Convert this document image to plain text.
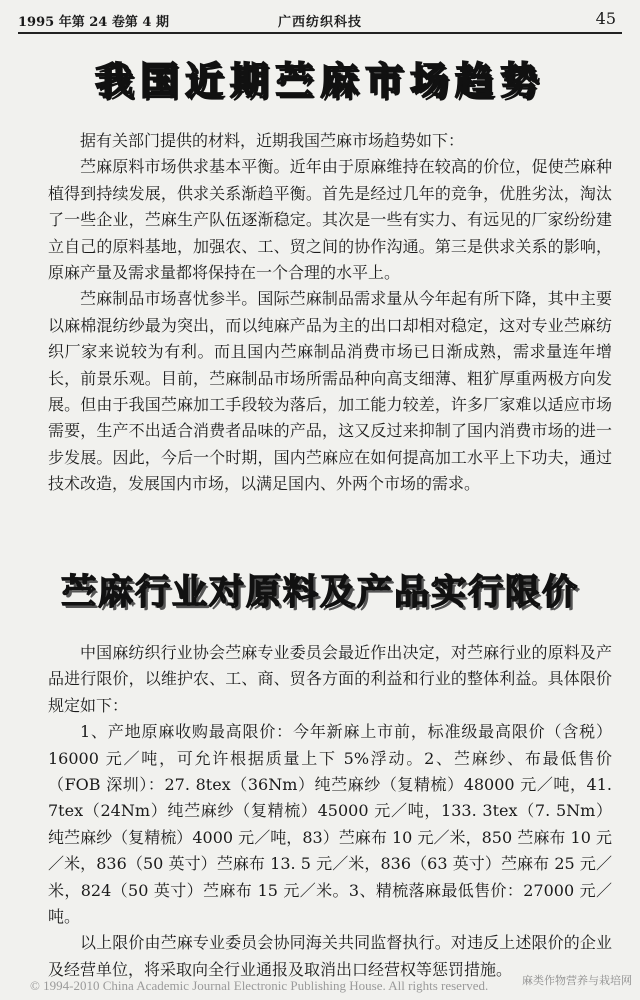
1995 年第 24 卷第 4 期	广西纺织科技	45
我国近期苎麻市场趋势

据有关部门提供的材料，近期我国苎麻市场趋势如下：

苎麻原料市场供求基本平衡。近年由于原麻维持在较高的价位，促使苎麻种植得到持续发展，供求关系渐趋平衡。首先是经过几年的竞争，优胜劣汰，淘汰了一些企业，苎麻生产队伍逐渐稳定。其次是一些有实力、有远见的厂家纷纷建立自己的原料基地，加强农、工、贸之间的协作沟通。第三是供求关系的影响，原麻产量及需求量都将保持在一个合理的水平上。

苎麻制品市场喜忧参半。国际苎麻制品需求量从今年起有所下降，其中主要以麻棉混纺纱最为突出，而以纯麻产品为主的出口却相对稳定，这对专业苎麻纺织厂家来说较为有利。而且国内苎麻制品消费市场已日渐成熟，需求量连年增长，前景乐观。目前，苎麻制品市场所需品种向高支细薄、粗犷厚重两极方向发展。但由于我国苎麻加工手段较为落后，加工能力较差，许多厂家难以适应市场需要，生产不出适合消费者品味的产品，这又反过来抑制了国内消费市场的进一步发展。因此，今后一个时期，国内苎麻应在如何提高加工水平上下功夫，通过技术改造，发展国内市场，以满足国内、外两个市场的需求。

苎麻行业对原料及产品实行限价

中国麻纺织行业协会苎麻专业委员会最近作出决定，对苎麻行业的原料及产品进行限价，以维护农、工、商、贸各方面的利益和行业的整体利益。具体限价规定如下：

1、产地原麻收购最高限价：今年新麻上市前，标准级最高限价（含税）16000 元／吨，可允许根据质量上下 5%浮动。2、苎麻纱、布最低售价（FOB 深圳）：27. 8tex（36Nm）纯苎麻纱（复精梳）48000 元／吨，41. 7tex（24Nm）纯苎麻纱（复精梳）45000 元／吨，133. 3tex（7. 5Nm）纯苎麻纱（复精梳）4000 元／吨，83）苎麻布 10 元／米，850 苎麻布 10 元／米，836（50 英寸）苎麻布 13. 5 元／米，836（63 英寸）苎麻布 25 元／米，824（50 英寸）苎麻布 15 元／米。3、精梳落麻最低售价：27000 元／吨。

以上限价由苎麻专业委员会协同海关共同监督执行。对违反上述限价的企业及经营单位，将采取向全行业通报及取消出口经营权等惩罚措施。

© 1994-2010 China Academic Journal Electronic Publishing House. All rights reserved.	麻类作物营养与栽培网
